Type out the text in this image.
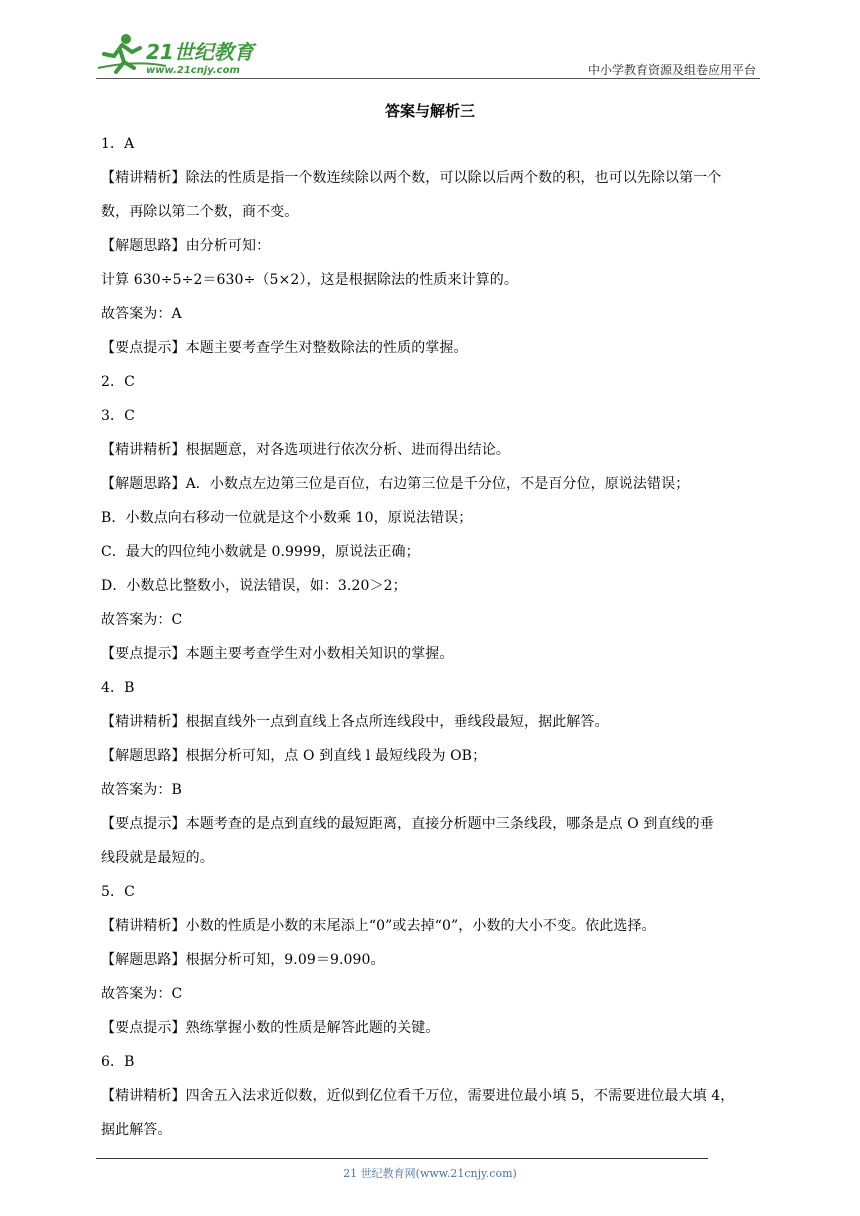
21世纪教育
www.21cnjy.com	中小学教育资源及组卷应用平台
答案与解析三
1．A
【精讲精析】除法的性质是指一个数连续除以两个数，可以除以后两个数的积，也可以先除以第一个
数，再除以第二个数，商不变。
【解题思路】由分析可知：
计算 630÷5÷2＝630÷（5×2），这是根据除法的性质来计算的。
故答案为：A
【要点提示】本题主要考查学生对整数除法的性质的掌握。
2．C
3．C
【精讲精析】根据题意，对各选项进行依次分析、进而得出结论。
【解题思路】A．小数点左边第三位是百位，右边第三位是千分位，不是百分位，原说法错误；
B．小数点向右移动一位就是这个小数乘 10，原说法错误；
C．最大的四位纯小数就是 0.9999，原说法正确；
D．小数总比整数小，说法错误，如：3.20＞2；
故答案为：C
【要点提示】本题主要考查学生对小数相关知识的掌握。
4．B
【精讲精析】根据直线外一点到直线上各点所连线段中，垂线段最短，据此解答。
【解题思路】根据分析可知，点 O 到直线 l 最短线段为 OB；
故答案为：B
【要点提示】本题考查的是点到直线的最短距离，直接分析题中三条线段，哪条是点 O 到直线的垂
线段就是最短的。
5．C
【精讲精析】小数的性质是小数的末尾添上“0”或去掉“0”，小数的大小不变。依此选择。
【解题思路】根据分析可知，9.09＝9.090。
故答案为：C
【要点提示】熟练掌握小数的性质是解答此题的关键。
6．B
【精讲精析】四舍五入法求近似数，近似到亿位看千万位，需要进位最小填 5，不需要进位最大填 4，
据此解答。
21 世纪教育网(www.21cnjy.com)
